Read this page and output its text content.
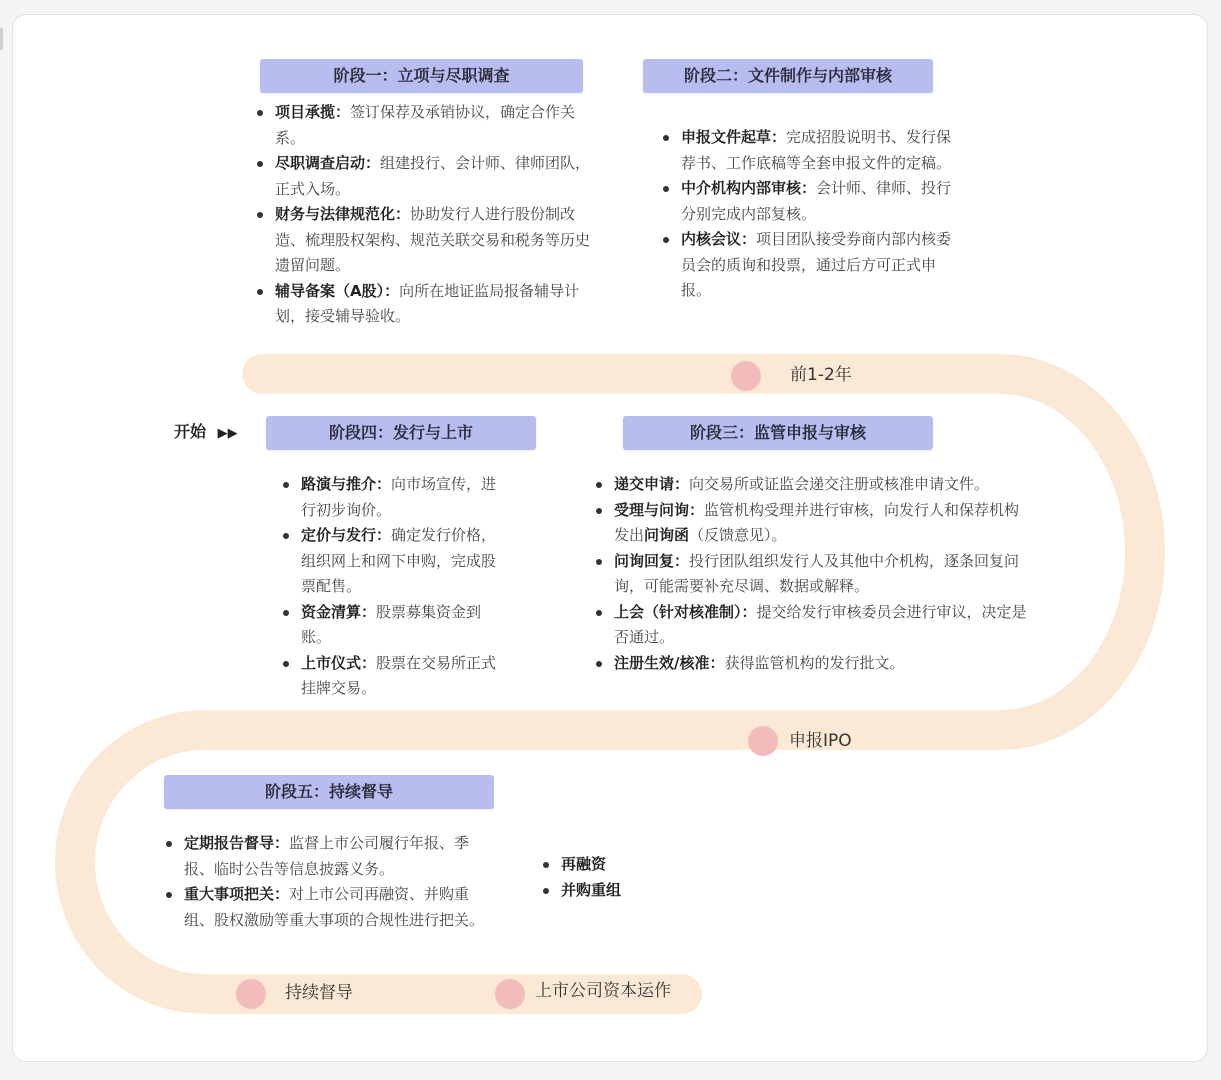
阶段一：立项与尽职调查
项目承揽：签订保荐及承销协议，确定合作关系。
尽职调查启动：组建投行、会计师、律师团队，正式入场。
财务与法律规范化：协助发行人进行股份制改造、梳理股权架构、规范关联交易和税务等历史遗留问题。
辅导备案（A股）：向所在地证监局报备辅导计划，接受辅导验收。
阶段二：文件制作与内部审核
申报文件起草：完成招股说明书、发行保荐书、工作底稿等全套申报文件的定稿。
中介机构内部审核：会计师、律师、投行分别完成内部复核。
内核会议：项目团队接受券商内部内核委员会的质询和投票，通过后方可正式申报。
前1-2年
开始 ▶▶	阶段四：发行与上市
路演与推介：向市场宣传，进行初步询价。
定价与发行：确定发行价格，组织网上和网下申购，完成股票配售。
资金清算：股票募集资金到账。
上市仪式：股票在交易所正式挂牌交易。
阶段三：监管申报与审核
递交申请：向交易所或证监会递交注册或核准申请文件。
受理与问询：监管机构受理并进行审核，向发行人和保荐机构发出问询函（反馈意见）。
问询回复：投行团队组织发行人及其他中介机构，逐条回复问询，可能需要补充尽调、数据或解释。
上会（针对核准制）：提交给发行审核委员会进行审议，决定是否通过。
注册生效/核准：获得监管机构的发行批文。
申报IPO
阶段五：持续督导
定期报告督导：监督上市公司履行年报、季报、临时公告等信息披露义务。
重大事项把关：对上市公司再融资、并购重组、股权激励等重大事项的合规性进行把关。
再融资
并购重组
持续督导	上市公司资本运作
